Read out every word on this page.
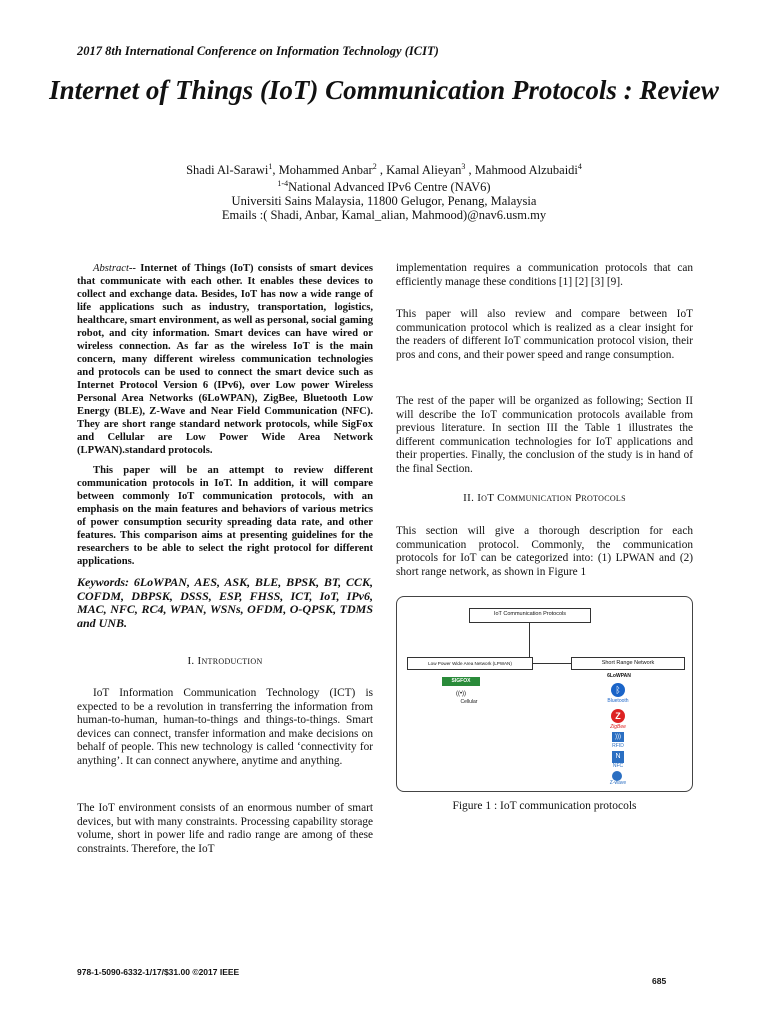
2017 8th International Conference on Information Technology (ICIT)
Internet of Things (IoT) Communication Protocols : Review
Shadi Al-Sarawi$^1$, Mohammed Anbar$^2$ , Kamal Alieyan$^3$ , Mahmood Alzubaidi$^4$
$^{1-4}$National Advanced IPv6 Centre (NAV6)
Universiti Sains Malaysia, 11800 Gelugor, Penang, Malaysia
Emails :( Shadi, Anbar, Kamal_alian, Mahmood)@nav6.usm.my

Abstract-- Internet of Things (IoT) consists of smart devices that communicate with each other. It enables these devices to collect and exchange data. Besides, IoT has now a wide range of life applications such as industry, transportation, logistics, healthcare, smart environment, as well as personal, social gaming robot, and city information. Smart devices can have wired or wireless connection. As far as the wireless IoT is the main concern, many different wireless communication technologies and protocols can be used to connect the smart device such as Internet Protocol Version 6 (IPv6), over Low power Wireless Personal Area Networks (6LoWPAN), ZigBee, Bluetooth Low Energy (BLE), Z-Wave and Near Field Communication (NFC). They are short range standard network protocols, while SigFox and Cellular are Low Power Wide Area Network (LPWAN).standard protocols.

This paper will be an attempt to review different communication protocols in IoT. In addition, it will compare between commonly IoT communication protocols, with an emphasis on the main features and behaviors of various metrics of power consumption security spreading data rate, and other features. This comparison aims at presenting guidelines for the researchers to be able to select the right protocol for different applications.

Keywords: 6LoWPAN, AES, ASK, BLE, BPSK, BT, CCK, COFDM, DBPSK, DSSS, ESP, FHSS, ICT, IoT, IPv6, MAC, NFC, RC4, WPAN, WSNs, OFDM, O-QPSK, TDMS and UNB.

I. Introduction

IoT Information Communication Technology (ICT) is expected to be a revolution in transferring the information from human-to-human, human-to-things and things-to-things. Smart devices can connect, transfer information and make decisions on behalf of people. This new technology is called ‘connectivity for anything’. It can connect anywhere, anytime and anything.

The IoT environment consists of an enormous number of smart devices, but with many constraints. Processing capability storage volume, short in power life and radio range are among of these constraints. Therefore, the IoT

implementation requires a communication protocols that can efficiently manage these conditions [1] [2] [3] [9].

This paper will also review and compare between IoT communication protocol which is realized as a clear insight for the readers of different IoT communication protocol vision, their pros and cons, and their power speed and range consumption.

The rest of the paper will be organized as following; Section II will describe the IoT communication protocols available from previous literature. In section III the Table 1 illustrates the different communication technologies for IoT applications and their properties. Finally, the conclusion of the study is in hand of the final Section.

II. IoT Communication Protocols

This section will give a thorough description for each communication protocol. Commonly, the communication protocols for IoT can be categorized into: (1) LPWAN and (2) short range network, as shown in Figure 1

IoT Communication Protocols
Low Power Wide Area Network (LPWAN)	Short Range Network
SIGFOX
((•))
Cellular
6LoWPAN
ᛒ
Bluetooth
Z
ZigBee
)))
RFID
N
NFC
Z-wave
Figure 1 : IoT communication protocols
978-1-5090-6332-1/17/$31.00 ©2017 IEEE
685
